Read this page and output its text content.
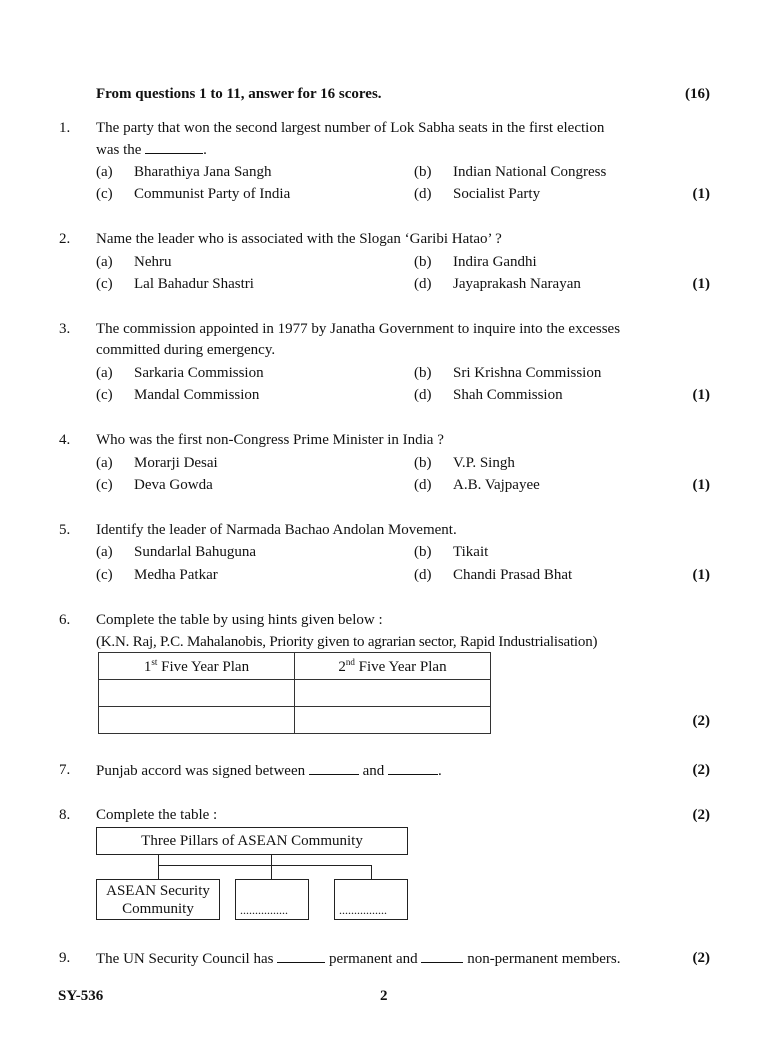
From questions 1 to 11, answer for 16 scores.	(16)
1. The party that won the second largest number of Lok Sabha seats in the first election
was the	.
(a) Bharathiya Jana Sangh	(b) Indian National Congress
(c) Communist Party of India	(d) Socialist Party	(1)
2. Name the leader who is associated with the Slogan ‘Garibi Hatao’ ?
(a) Nehru	(b) Indira Gandhi
(c) Lal Bahadur Shastri	(d) Jayaprakash Narayan	(1)
3. The commission appointed in 1977 by Janatha Government to inquire into the excesses
committed during emergency.
(a) Sarkaria Commission	(b) Sri Krishna Commission
(c) Mandal Commission	(d) Shah Commission	(1)
4. Who was the first non-Congress Prime Minister in India ?
(a) Morarji Desai	(b) V.P. Singh
(c) Deva Gowda	(d) A.B. Vajpayee	(1)
5. Identify the leader of Narmada Bachao Andolan Movement.
(a) Sundarlal Bahuguna	(b) Tikait
(c) Medha Patkar	(d) Chandi Prasad Bhat	(1)
6. Complete the table by using hints given below :
(K.N. Raj, P.C. Mahalanobis, Priority given to agrarian sector, Rapid Industrialisation)
1st Five Year Plan	2nd Five Year Plan

(2)
7. Punjab accord was signed between	and	.	(2)
8. Complete the table :	(2)
Three Pillars of ASEAN Community
ASEAN Security
Community	................	................
9. The UN Security Council has	permanent and	non-permanent members.	(2)
SY-536	2
